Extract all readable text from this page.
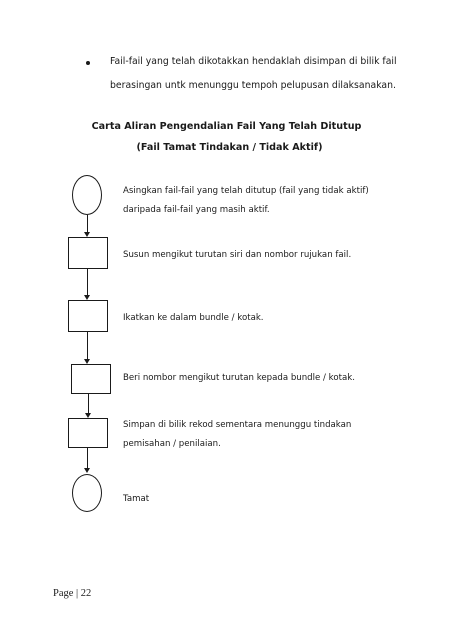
Fail-fail yang telah dikotakkan hendaklah disimpan di bilik fail
berasingan untk menunggu tempoh pelupusan dilaksanakan.
Carta Aliran Pengendalian Fail Yang Telah Ditutup
(Fail Tamat Tindakan / Tidak Aktif)
Asingkan fail-fail yang telah ditutup (fail yang tidak aktif)
daripada fail-fail yang masih aktif.
Susun mengikut turutan siri dan nombor rujukan fail.
Ikatkan ke dalam bundle / kotak.
Beri nombor mengikut turutan kepada bundle / kotak.
Simpan di bilik rekod sementara menunggu tindakan
pemisahan / penilaian.
Tamat
Page | 22
